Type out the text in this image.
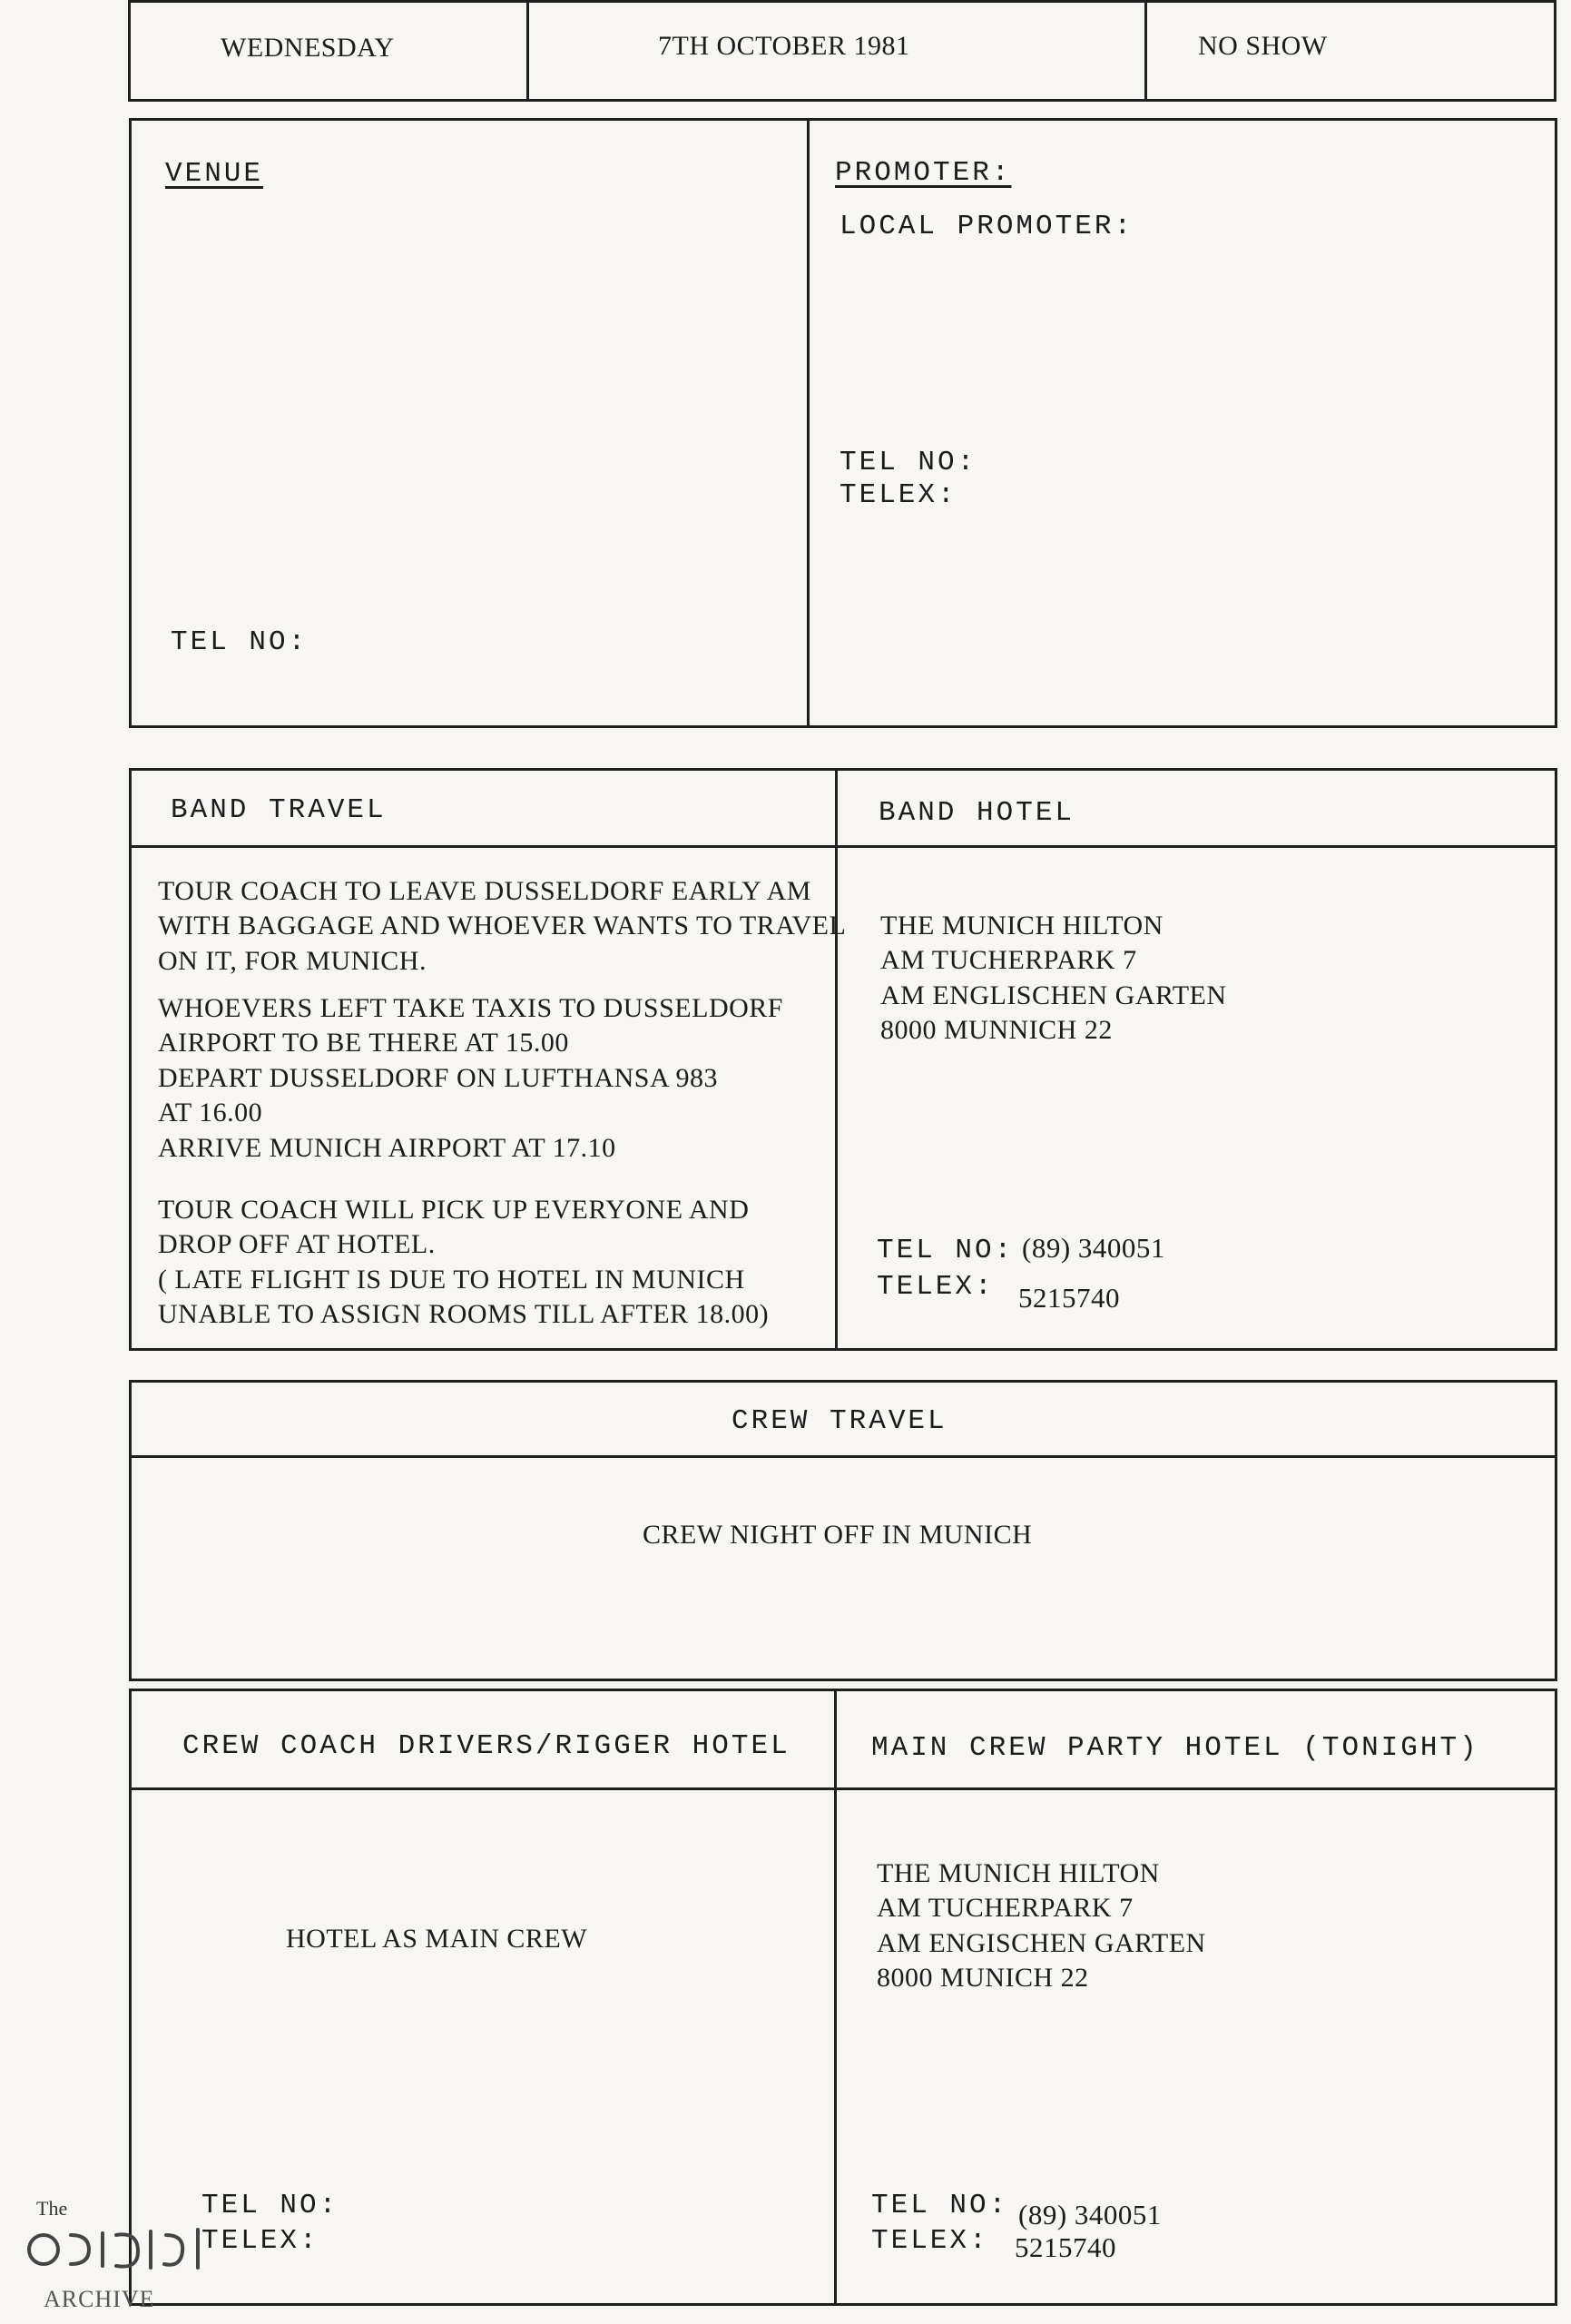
WEDNESDAY	7TH OCTOBER 1981	NO SHOW
VENUE
TEL NO:
PROMOTER:
LOCAL PROMOTER:
TEL NO:
TELEX:
BAND TRAVEL	BAND HOTEL
TOUR COACH TO LEAVE DUSSELDORF EARLY AM
WITH BAGGAGE AND WHOEVER WANTS TO TRAVEL
ON IT, FOR MUNICH.
WHOEVERS LEFT TAKE TAXIS TO DUSSELDORF
AIRPORT TO BE THERE AT 15.00
DEPART DUSSELDORF ON LUFTHANSA 983
AT 16.00
ARRIVE MUNICH AIRPORT AT 17.10
TOUR COACH WILL PICK UP EVERYONE AND
DROP OFF AT HOTEL.
( LATE FLIGHT IS DUE TO HOTEL IN MUNICH
UNABLE TO ASSIGN ROOMS TILL AFTER 18.00)
THE MUNICH HILTON
AM TUCHERPARK 7
AM ENGLISCHEN GARTEN
8000 MUNNICH 22
TEL NO: (89) 340051
TELEX: 5215740
CREW TRAVEL
CREW NIGHT OFF IN MUNICH
CREW COACH DRIVERS/RIGGER HOTEL	MAIN CREW PARTY HOTEL (TONIGHT)
HOTEL AS MAIN CREW
TEL NO:
TELEX:
THE MUNICH HILTON
AM TUCHERPARK 7
AM ENGISCHEN GARTEN
8000 MUNICH 22
TEL NO: (89) 340051
TELEX: 5215740
The
ARCHIVE
